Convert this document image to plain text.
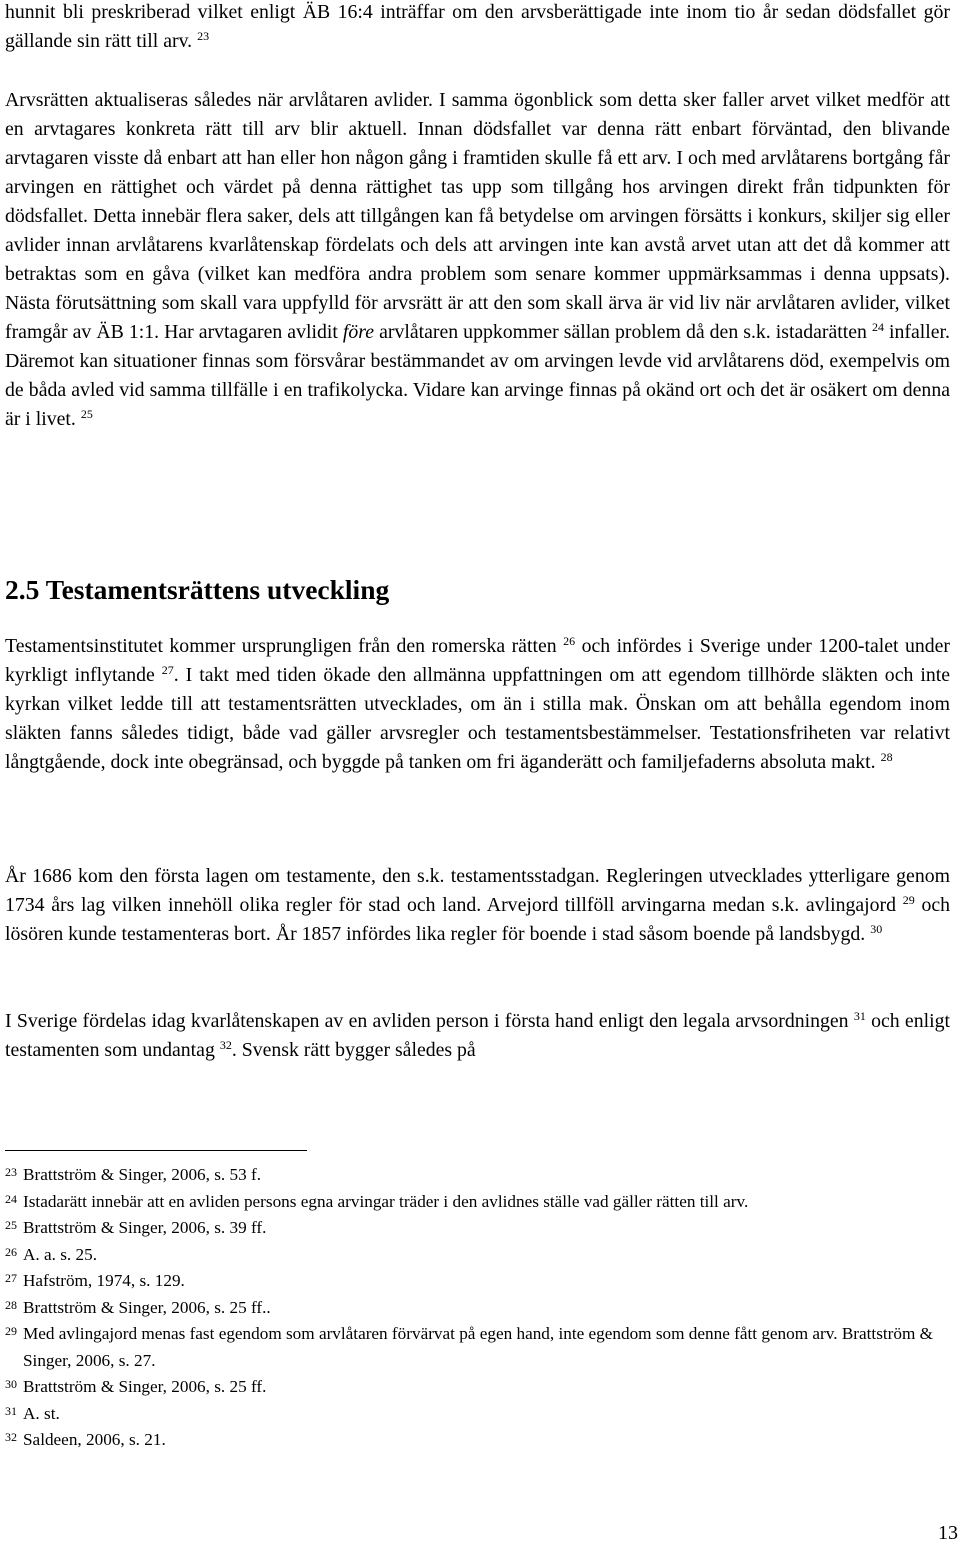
hunnit bli preskriberad vilket enligt ÄB 16:4 inträffar om den arvsberättigade inte inom tio år sedan dödsfallet gör gällande sin rätt till arv. $^{23}$

Arvsrätten aktualiseras således när arvlåtaren avlider. I samma ögonblick som detta sker faller arvet vilket medför att en arvtagares konkreta rätt till arv blir aktuell. Innan dödsfallet var denna rätt enbart förväntad, den blivande arvtagaren visste då enbart att han eller hon någon gång i framtiden skulle få ett arv. I och med arvlåtarens bortgång får arvingen en rättighet och värdet på denna rättighet tas upp som tillgång hos arvingen direkt från tidpunkten för dödsfallet. Detta innebär flera saker, dels att tillgången kan få betydelse om arvingen försätts i konkurs, skiljer sig eller avlider innan arvlåtarens kvarlåtenskap fördelats och dels att arvingen inte kan avstå arvet utan att det då kommer att betraktas som en gåva (vilket kan medföra andra problem som senare kommer uppmärksammas i denna uppsats). Nästa förutsättning som skall vara uppfylld för arvsrätt är att den som skall ärva är vid liv när arvlåtaren avlider, vilket framgår av ÄB 1:1. Har arvtagaren avlidit före arvlåtaren uppkommer sällan problem då den s.k. istadarätten $^{24}$ infaller. Däremot kan situationer finnas som försvårar bestämmandet av om arvingen levde vid arvlåtarens död, exempelvis om de båda avled vid samma tillfälle i en trafikolycka. Vidare kan arvinge finnas på okänd ort och det är osäkert om denna är i livet. $^{25}$

2.5 Testamentsrättens utveckling

Testamentsinstitutet kommer ursprungligen från den romerska rätten $^{26}$ och infördes i Sverige under 1200-talet under kyrkligt inflytande $^{27}$. I takt med tiden ökade den allmänna uppfattningen om att egendom tillhörde släkten och inte kyrkan vilket ledde till att testamentsrätten utvecklades, om än i stilla mak. Önskan om att behålla egendom inom släkten fanns således tidigt, både vad gäller arvsregler och testamentsbestämmelser. Testationsfriheten var relativt långtgående, dock inte obegränsad, och byggde på tanken om fri äganderätt och familjefaderns absoluta makt. $^{28}$

År 1686 kom den första lagen om testamente, den s.k. testamentsstadgan. Regleringen utvecklades ytterligare genom 1734 års lag vilken innehöll olika regler för stad och land. Arvejord tillföll arvingarna medan s.k. avlingajord $^{29}$ och lösören kunde testamenteras bort. År 1857 infördes lika regler för boende i stad såsom boende på landsbygd. $^{30}$

I Sverige fördelas idag kvarlåtenskapen av en avliden person i första hand enligt den legala arvsordningen $^{31}$ och enligt testamenten som undantag $^{32}$. Svensk rätt bygger således på

23 Brattström & Singer, 2006, s. 53 f.
24 Istadarätt innebär att en avliden persons egna arvingar träder i den avlidnes ställe vad gäller rätten till arv.
25 Brattström & Singer, 2006, s. 39 ff.
26 A. a. s. 25.
27 Hafström, 1974, s. 129.
28 Brattström & Singer, 2006, s. 25 ff..
29 Med avlingajord menas fast egendom som arvlåtaren förvärvat på egen hand, inte egendom som denne fått genom arv. Brattström & Singer, 2006, s. 27.
30 Brattström & Singer, 2006, s. 25 ff.
31 A. st.
32 Saldeen, 2006, s. 21.
13
